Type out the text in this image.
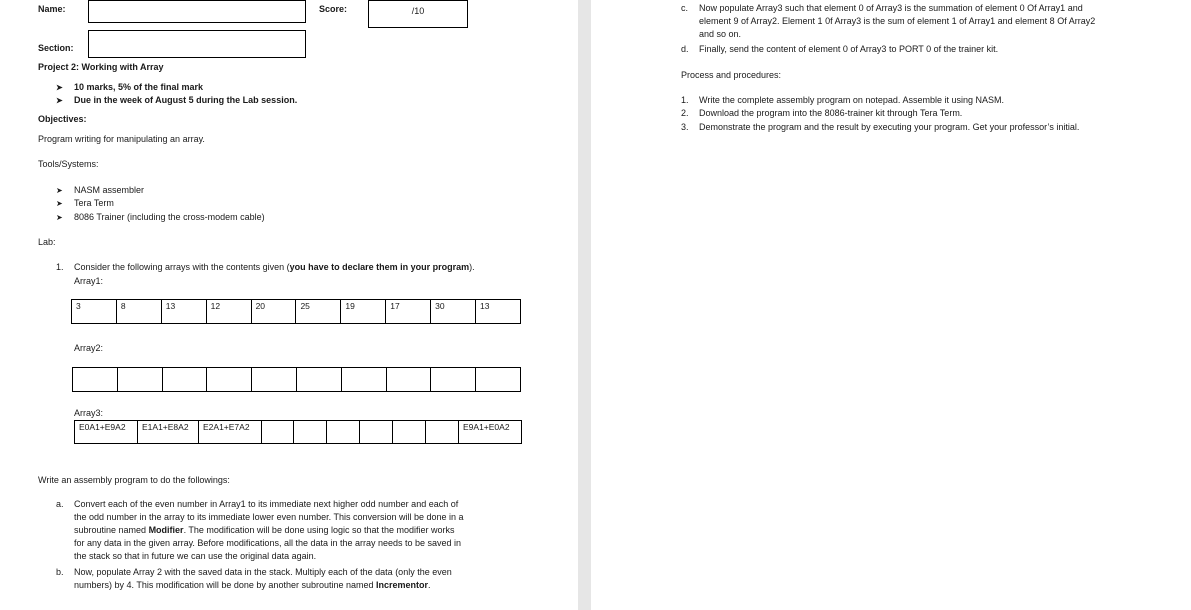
Name:	Score:	/10
Section:
Project 2: Working with Array
➤ 10 marks, 5% of the final mark
➤ Due in the week of August 5 during the Lab session.
Objectives:
Program writing for manipulating an array.
Tools/Systems:
➤ NASM assembler
➤ Tera Term
➤ 8086 Trainer (including the cross-modem cable)
Lab:
1. Consider the following arrays with the contents given (you have to declare them in your program).
Array1:
3	8	13	12	20	25	19	17	30	13
Array2:

Array3:
E0A1+E9A2	E1A1+E8A2	E2A1+E7A2							E9A1+E0A2
Write an assembly program to do the followings:
a. Convert each of the even number in Array1 to its immediate next higher odd number and each of
the odd number in the array to its immediate lower even number. This conversion will be done in a
subroutine named Modifier. The modification will be done using logic so that the modifier works
for any data in the given array. Before modifications, all the data in the array needs to be saved in
the stack so that in future we can use the original data again.
b. Now, populate Array 2 with the saved data in the stack. Multiply each of the data (only the even
numbers) by 4. This modification will be done by another subroutine named Incrementor.
c. Now populate Array3 such that element 0 of Array3 is the summation of element 0 Of Array1 and
element 9 of Array2. Element 1 0f Array3 is the sum of element 1 of Array1 and element 8 Of Array2
and so on.
d. Finally, send the content of element 0 of Array3 to PORT 0 of the trainer kit.
Process and procedures:
1. Write the complete assembly program on notepad. Assemble it using NASM.
2. Download the program into the 8086-trainer kit through Tera Term.
3. Demonstrate the program and the result by executing your program. Get your professor’s initial.
